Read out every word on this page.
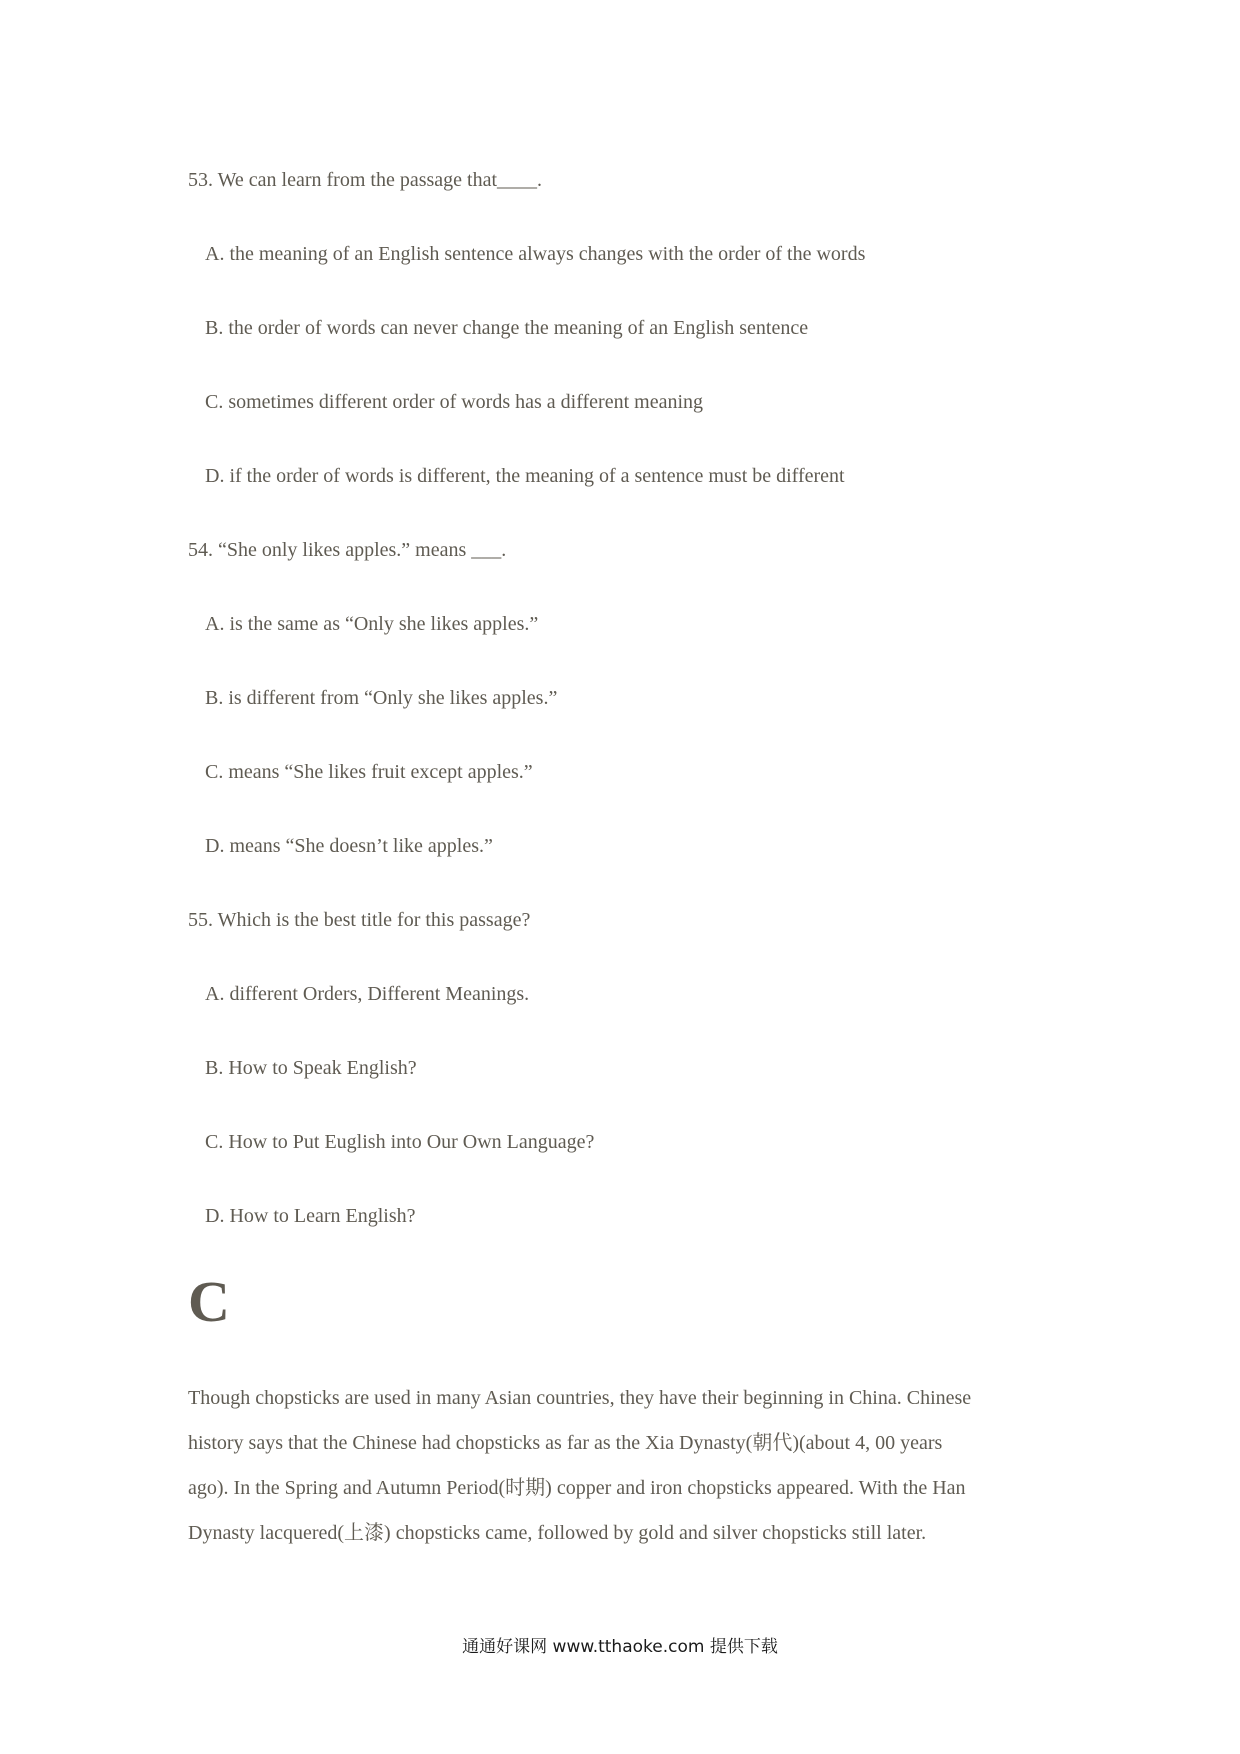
53. We can learn from the passage that____.
A. the meaning of an English sentence always changes with the order of the words
B. the order of words can never change the meaning of an English sentence
C. sometimes different order of words has a different meaning
D. if the order of words is different, the meaning of a sentence must be different
54. “She only likes apples.” means ___.
A. is the same as “Only she likes apples.”
B. is different from “Only she likes apples.”
C. means “She likes fruit except apples.”
D. means “She doesn’t like apples.”
55. Which is the best title for this passage?
A. different Orders, Different Meanings.
B. How to Speak English?
C. How to Put Euglish into Our Own Language?
D. How to Learn English?
C
Though chopsticks are used in many Asian countries, they have their beginning in China. Chinese
history says that the Chinese had chopsticks as far as the Xia Dynasty(朝代)(about 4, 00 years
ago). In the Spring and Autumn Period(时期) copper and iron chopsticks appeared. With the Han
Dynasty lacquered(上漆) chopsticks came, followed by gold and silver chopsticks still later.
通通好课网 www.tthaoke.com 提供下载
